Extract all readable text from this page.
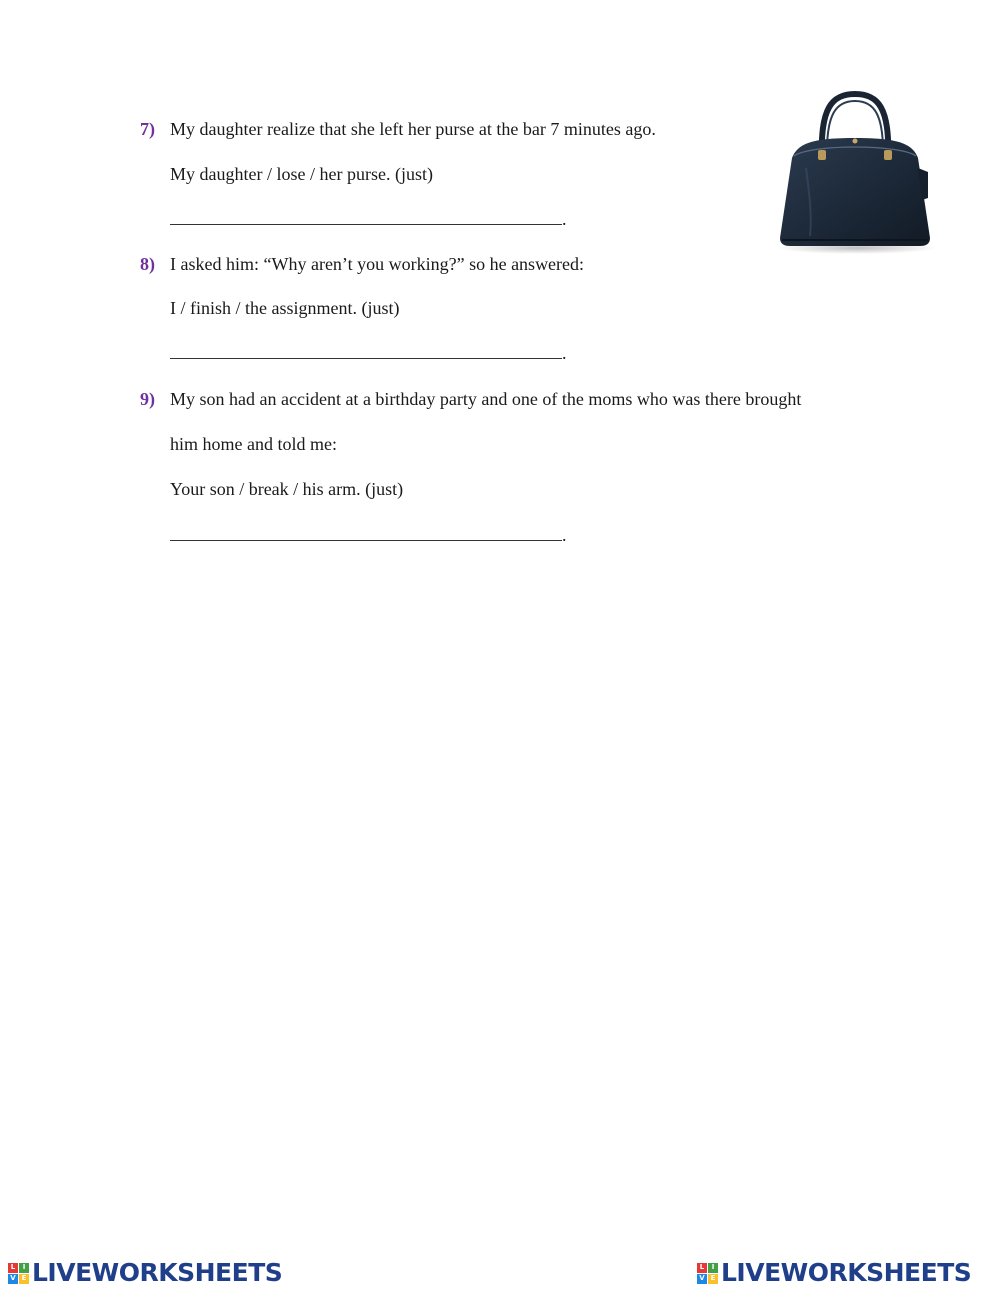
7) My daughter realize that she left her purse at the bar 7 minutes ago.
My daughter / lose / her purse. (just)
.
8) I asked him: “Why aren’t you working?” so he answered:
I / finish / the assignment. (just)
.
9) My son had an accident at a birthday party and one of the moms who was there brought
him home and told me:
Your son / break / his arm. (just)
.
L	I
V E LIVEWORKSHEETS	L	I
V E LIVEWORKSHEETS
